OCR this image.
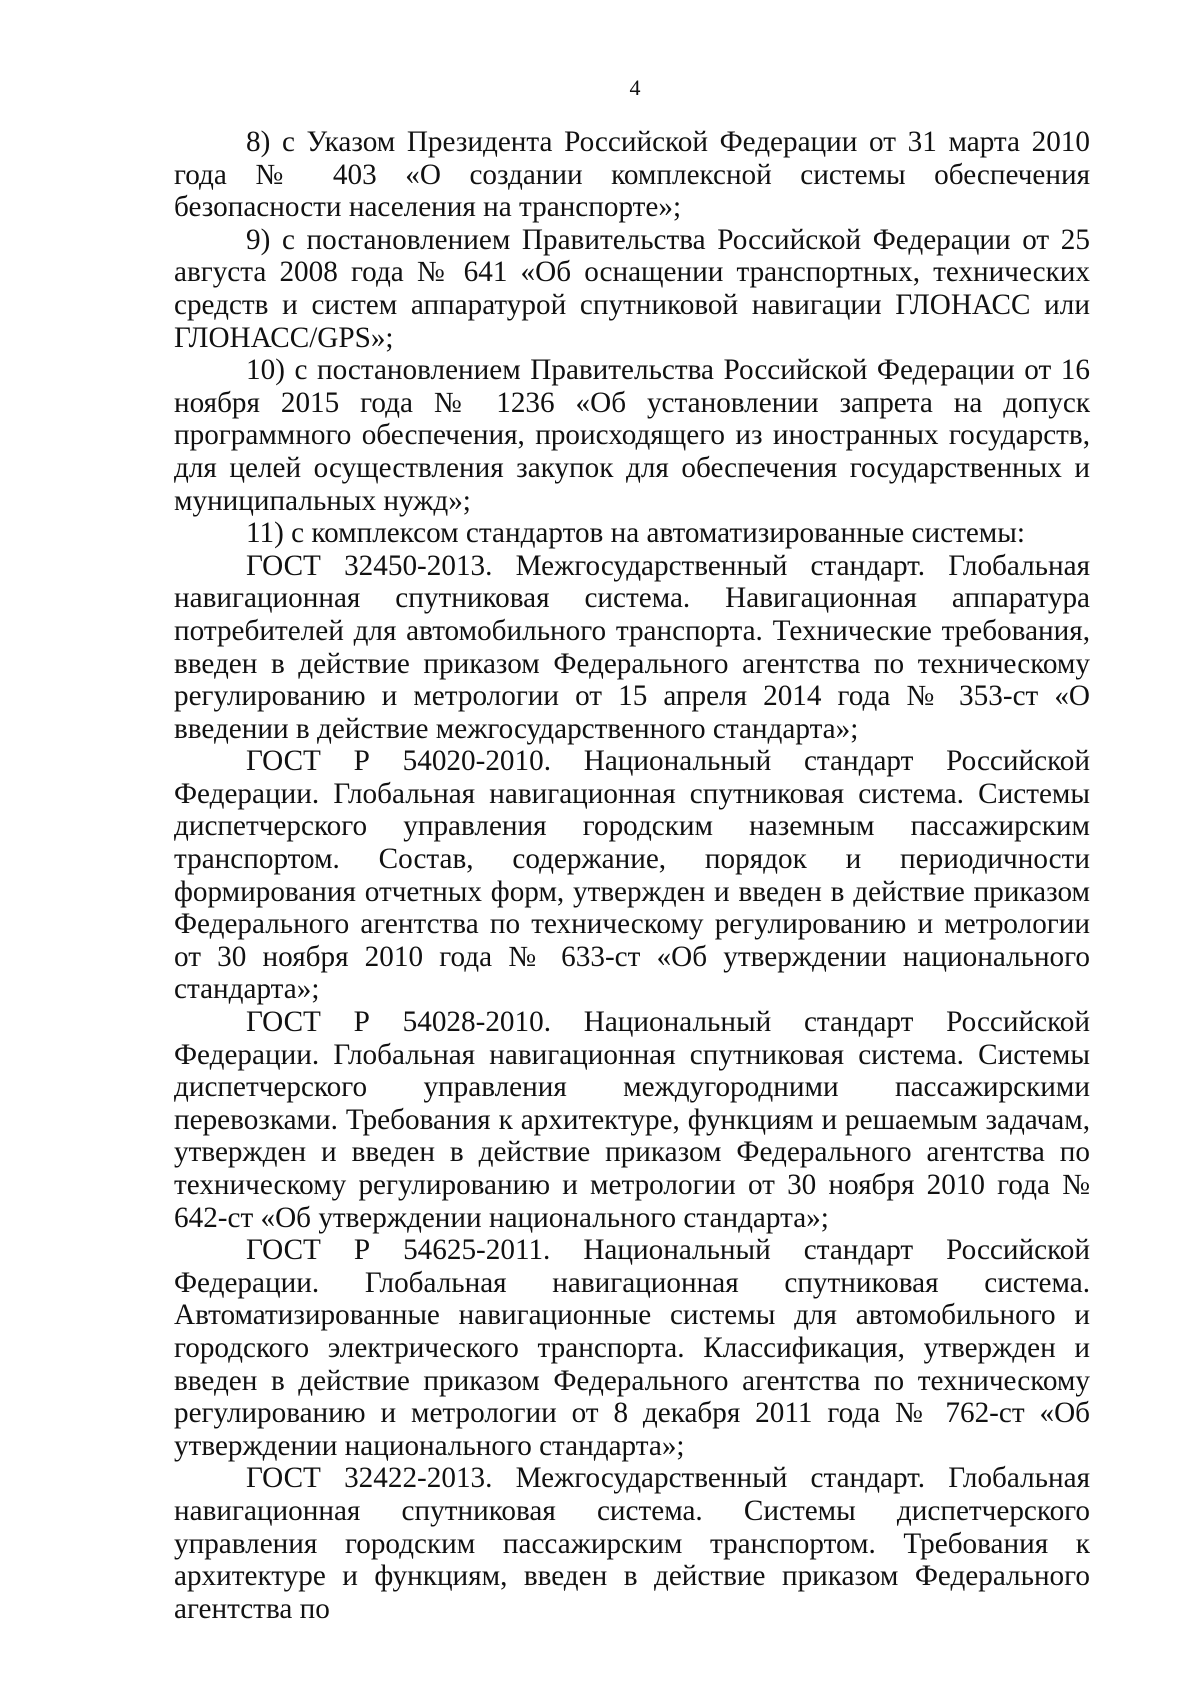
4

8) с Указом Президента Российской Федерации от 31 марта 2010 года № 403 «О создании комплексной системы обеспечения безопасности населения на транспорте»;

9) с постановлением Правительства Российской Федерации от 25 августа 2008 года № 641 «Об оснащении транспортных, технических средств и систем аппаратурой спутниковой навигации ГЛОНАСС или ГЛОНАСС/GPS»;

10) с постановлением Правительства Российской Федерации от 16 ноября 2015 года № 1236 «Об установлении запрета на допуск программного обеспечения, происходящего из иностранных государств, для целей осуществления закупок для обеспечения государственных и муниципальных нужд»;

11) с комплексом стандартов на автоматизированные системы:

ГОСТ 32450-2013. Межгосударственный стандарт. Глобальная навигационная спутниковая система. Навигационная аппаратура потребителей для автомобильного транспорта. Технические требования, введен в действие приказом Федерального агентства по техническому регулированию и метрологии от 15 апреля 2014 года № 353-ст «О введении в действие межгосударственного стандарта»;

ГОСТ Р 54020-2010. Национальный стандарт Российской Федерации. Глобальная навигационная спутниковая система. Системы диспетчерского управления городским наземным пассажирским транспортом. Состав, содержание, порядок и периодичности формирования отчетных форм, утвержден и введен в действие приказом Федерального агентства по техническому регулированию и метрологии от 30 ноября 2010 года № 633-ст «Об утверждении национального стандарта»;

ГОСТ Р 54028-2010. Национальный стандарт Российской Федерации. Глобальная навигационная спутниковая система. Системы диспетчерского управления междугородними пассажирскими перевозками. Требования к архитектуре, функциям и решаемым задачам, утвержден и введен в действие приказом Федерального агентства по техническому регулированию и метрологии от 30 ноября 2010 года № 642-ст «Об утверждении национального стандарта»;

ГОСТ Р 54625-2011. Национальный стандарт Российской Федерации. Глобальная навигационная спутниковая система. Автоматизированные навигационные системы для автомобильного и городского электрического транспорта. Классификация, утвержден и введен в действие приказом Федерального агентства по техническому регулированию и метрологии от 8 декабря 2011 года № 762-ст «Об утверждении национального стандарта»;

ГОСТ 32422-2013. Межгосударственный стандарт. Глобальная навигационная спутниковая система. Системы диспетчерского управления городским пассажирским транспортом. Требования к архитектуре и функциям, введен в действие приказом Федерального агентства по
